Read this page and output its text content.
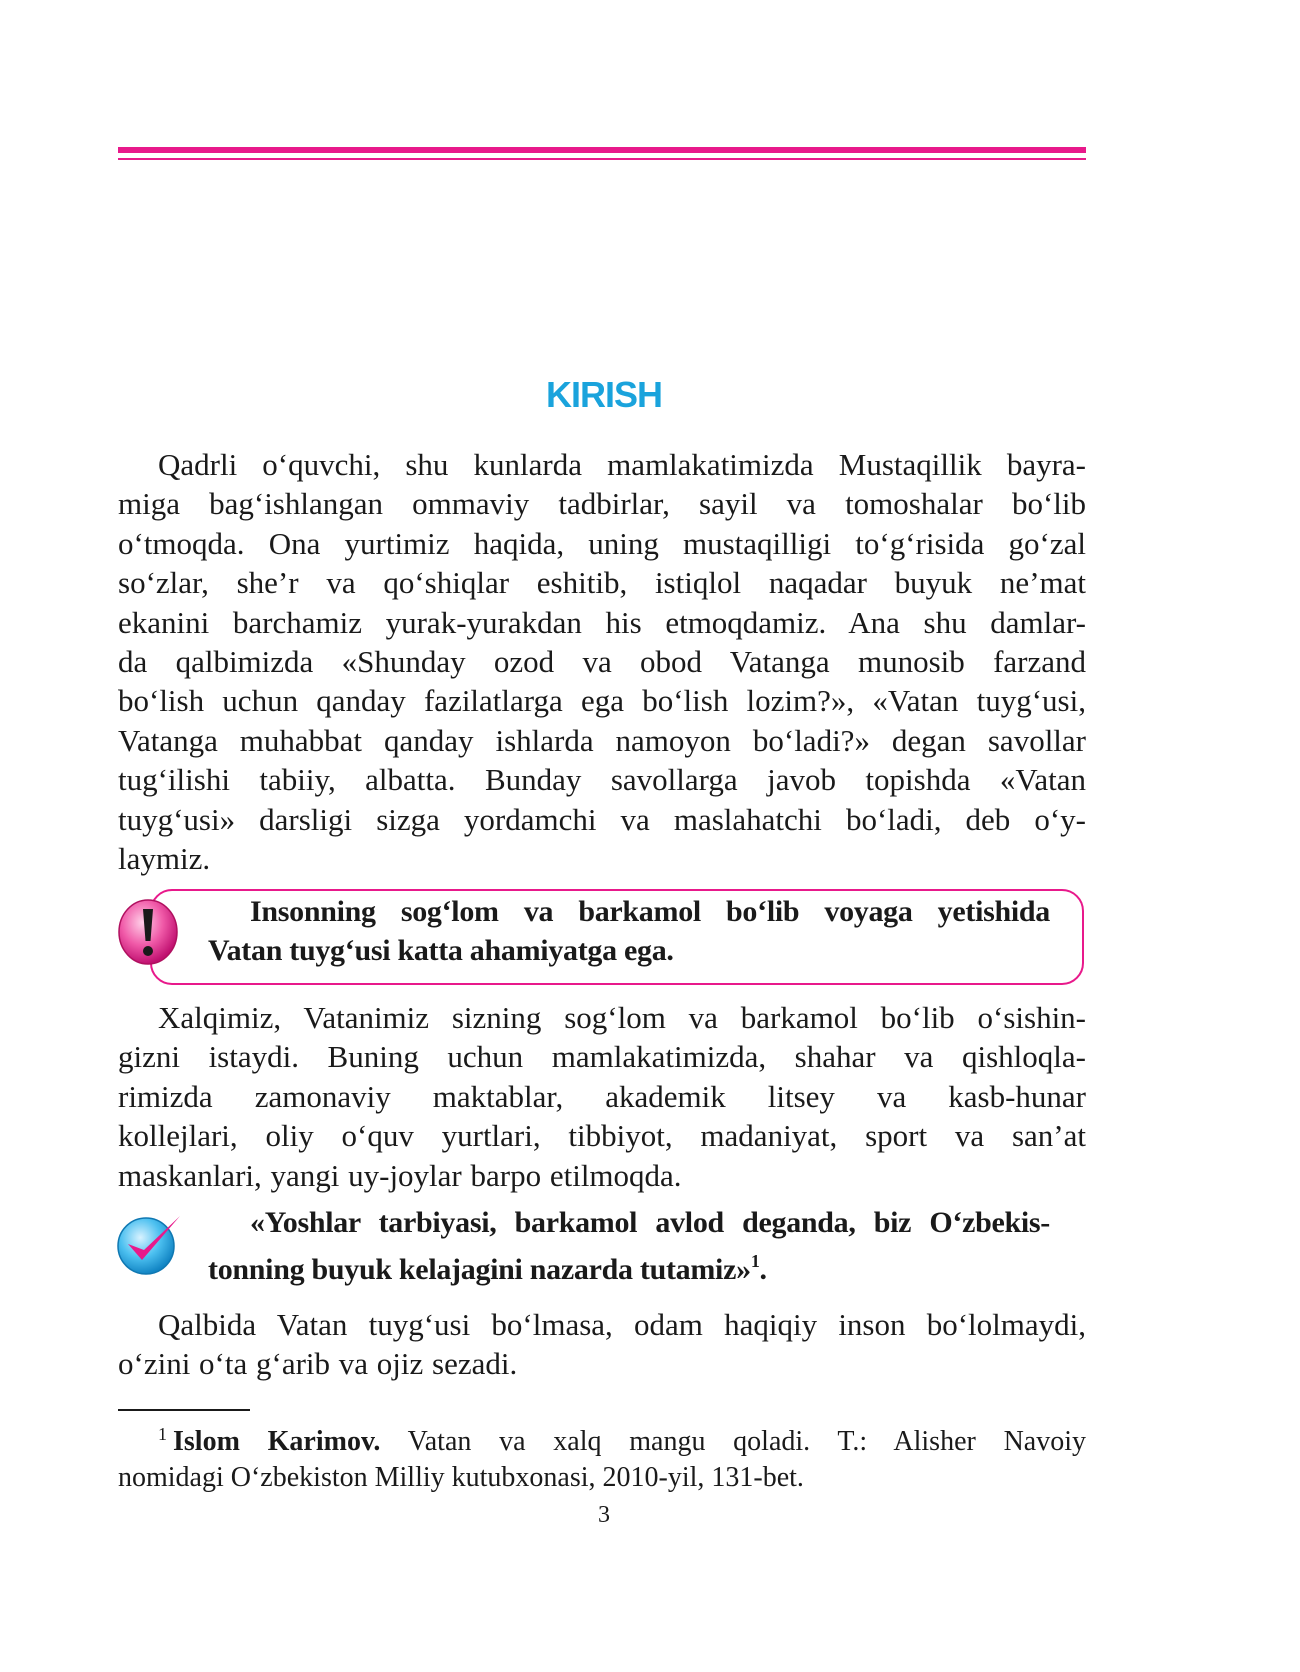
KIRISH
Qadrli o‘quvchi, shu kunlarda mamlakatimizda Mustaqillik bayra-
miga bag‘ishlangan ommaviy tadbirlar, sayil va tomoshalar bo‘lib
o‘tmoqda. Ona yurtimiz haqida, uning mustaqilligi to‘g‘risida go‘zal
so‘zlar, she’r va qo‘shiqlar eshitib, istiqlol naqadar buyuk ne’mat
ekanini barchamiz yurak-yurakdan his etmoqdamiz. Ana shu damlar-
da qalbimizda «Shunday ozod va obod Vatanga munosib farzand
bo‘lish uchun qanday fazilatlarga ega bo‘lish lozim?», «Vatan tuyg‘usi,
Vatanga muhabbat qanday ishlarda namoyon bo‘ladi?» degan savollar
tug‘ilishi tabiiy, albatta. Bunday savollarga javob topishda «Vatan
tuyg‘usi» darsligi sizga yordamchi va maslahatchi bo‘ladi, deb o‘y-
laymiz.
Insonning sog‘lom va barkamol bo‘lib voyaga yetishida
Vatan tuyg‘usi katta ahamiyatga ega.
Xalqimiz, Vatanimiz sizning sog‘lom va barkamol bo‘lib o‘sishin-
gizni istaydi. Buning uchun mamlakatimizda, shahar va qishloqla-
rimizda zamonaviy maktablar, akademik litsey va kasb-hunar
kollejlari, oliy o‘quv yurtlari, tibbiyot, madaniyat, sport va san’at
maskanlari, yangi uy-joylar barpo etilmoqda.
«Yoshlar tarbiyasi, barkamol avlod deganda, biz O‘zbekis-
tonning buyuk kelajagini nazarda tutamiz»$^1$.
Qalbida Vatan tuyg‘usi bo‘lmasa, odam haqiqiy inson bo‘lolmaydi,
o‘zini o‘ta g‘arib va ojiz sezadi.
$^1$ Islom Karimov. Vatan va xalq mangu qoladi. T.: Alisher Navoiy
nomidagi O‘zbekiston Milliy kutubxonasi, 2010-yil, 131-bet.
3
